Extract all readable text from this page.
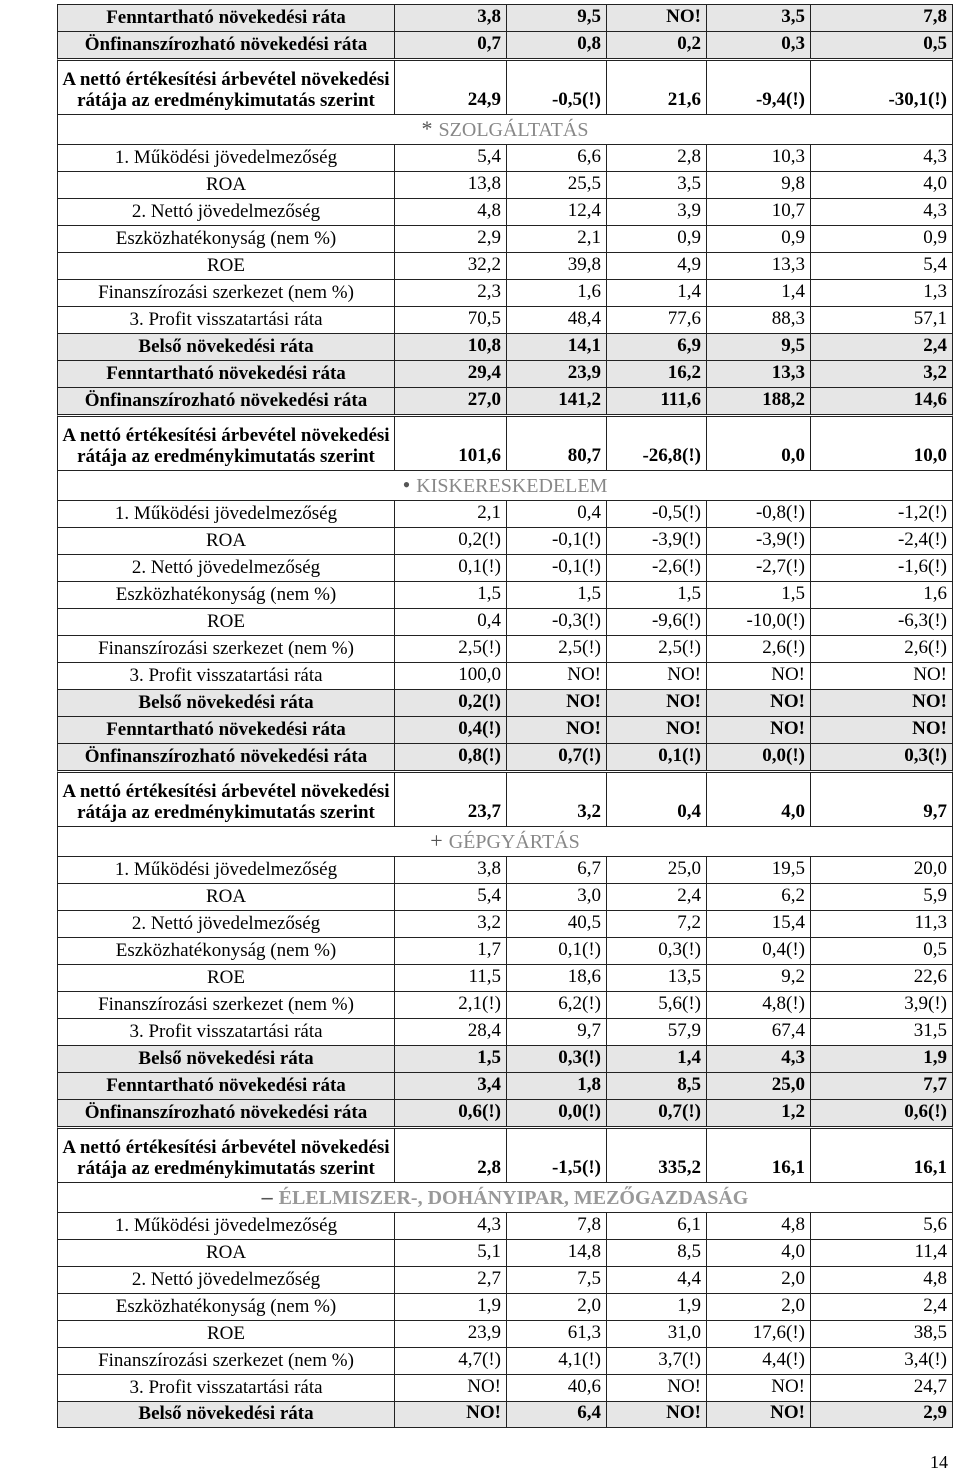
Fenntartható növekedési ráta	3,8	9,5	NO!	3,5	7,8
Önfinanszírozható növekedési ráta	0,7	0,8	0,2	0,3	0,5
A nettó értékesítési árbevétel növekedési
rátája az eredménykimutatás szerint	24,9	-0,5(!)	21,6	-9,4(!)	-30,1(!)
* SZOLGÁLTATÁS
1. Működési jövedelmezőség	5,4	6,6	2,8	10,3	4,3
ROA	13,8	25,5	3,5	9,8	4,0
2. Nettó jövedelmezőség	4,8	12,4	3,9	10,7	4,3
Eszközhatékonyság (nem %)	2,9	2,1	0,9	0,9	0,9
ROE	32,2	39,8	4,9	13,3	5,4
Finanszírozási szerkezet (nem %)	2,3	1,6	1,4	1,4	1,3
3. Profit visszatartási ráta	70,5	48,4	77,6	88,3	57,1
Belső növekedési ráta	10,8	14,1	6,9	9,5	2,4
Fenntartható növekedési ráta	29,4	23,9	16,2	13,3	3,2
Önfinanszírozható növekedési ráta	27,0	141,2	111,6	188,2	14,6
A nettó értékesítési árbevétel növekedési
rátája az eredménykimutatás szerint	101,6	80,7	-26,8(!)	0,0	10,0
• KISKERESKEDELEM
1. Működési jövedelmezőség	2,1	0,4	-0,5(!)	-0,8(!)	-1,2(!)
ROA	0,2(!)	-0,1(!)	-3,9(!)	-3,9(!)	-2,4(!)
2. Nettó jövedelmezőség	0,1(!)	-0,1(!)	-2,6(!)	-2,7(!)	-1,6(!)
Eszközhatékonyság (nem %)	1,5	1,5	1,5	1,5	1,6
ROE	0,4	-0,3(!)	-9,6(!)	-10,0(!)	-6,3(!)
Finanszírozási szerkezet (nem %)	2,5(!)	2,5(!)	2,5(!)	2,6(!)	2,6(!)
3. Profit visszatartási ráta	100,0	NO!	NO!	NO!	NO!
Belső növekedési ráta	0,2(!)	NO!	NO!	NO!	NO!
Fenntartható növekedési ráta	0,4(!)	NO!	NO!	NO!	NO!
Önfinanszírozható növekedési ráta	0,8(!)	0,7(!)	0,1(!)	0,0(!)	0,3(!)
A nettó értékesítési árbevétel növekedési
rátája az eredménykimutatás szerint	23,7	3,2	0,4	4,0	9,7
+ GÉPGYÁRTÁS
1. Működési jövedelmezőség	3,8	6,7	25,0	19,5	20,0
ROA	5,4	3,0	2,4	6,2	5,9
2. Nettó jövedelmezőség	3,2	40,5	7,2	15,4	11,3
Eszközhatékonyság (nem %)	1,7	0,1(!)	0,3(!)	0,4(!)	0,5
ROE	11,5	18,6	13,5	9,2	22,6
Finanszírozási szerkezet (nem %)	2,1(!)	6,2(!)	5,6(!)	4,8(!)	3,9(!)
3. Profit visszatartási ráta	28,4	9,7	57,9	67,4	31,5
Belső növekedési ráta	1,5	0,3(!)	1,4	4,3	1,9
Fenntartható növekedési ráta	3,4	1,8	8,5	25,0	7,7
Önfinanszírozható növekedési ráta	0,6(!)	0,0(!)	0,7(!)	1,2	0,6(!)
A nettó értékesítési árbevétel növekedési
rátája az eredménykimutatás szerint	2,8	-1,5(!)	335,2	16,1	16,1
– ÉLELMISZER-, DOHÁNYIPAR, MEZŐGAZDASÁG
1. Működési jövedelmezőség	4,3	7,8	6,1	4,8	5,6
ROA	5,1	14,8	8,5	4,0	11,4
2. Nettó jövedelmezőség	2,7	7,5	4,4	2,0	4,8
Eszközhatékonyság (nem %)	1,9	2,0	1,9	2,0	2,4
ROE	23,9	61,3	31,0	17,6(!)	38,5
Finanszírozási szerkezet (nem %)	4,7(!)	4,1(!)	3,7(!)	4,4(!)	3,4(!)
3. Profit visszatartási ráta	NO!	40,6	NO!	NO!	24,7
Belső növekedési ráta	NO!	6,4	NO!	NO!	2,9
14
